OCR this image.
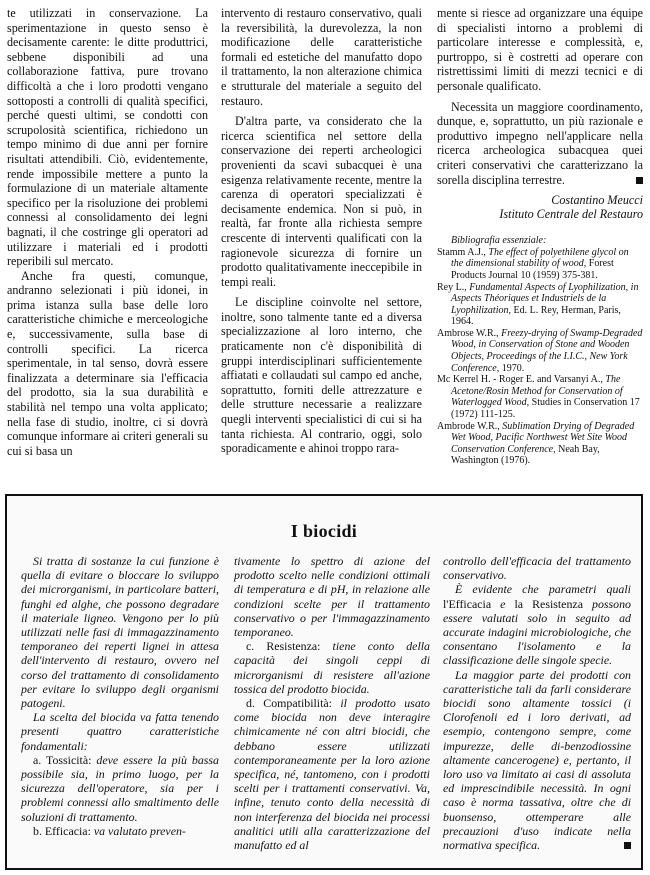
te utilizzati in conservazione. La sperimentazione in questo senso è decisamente carente: le ditte produttrici, sebbene disponibili ad una collaborazione fattiva, pure trovano difficoltà a che i loro prodotti vengano sottoposti a controlli di qualità specifici, perché questi ultimi, se condotti con scrupolosità scientifica, richiedono un tempo minimo di due anni per fornire risultati attendibili. Ciò, evidentemente, rende impossibile mettere a punto la formulazione di un materiale altamente specifico per la risoluzione dei problemi connessi al consolidamento dei legni bagnati, il che costringe gli operatori ad utilizzare i materiali ed i prodotti reperibili sul mercato.

Anche fra questi, comunque, andranno selezionati i più idonei, in prima istanza sulla base delle loro caratteristiche chimiche e merceologiche e, successivamente, sulla base di controlli specifici. La ricerca sperimentale, in tal senso, dovrà essere finalizzata a determinare sia l'efficacia del prodotto, sia la sua durabilità e stabilità nel tempo una volta applicato; nella fase di studio, inoltre, ci si dovrà comunque informare ai criteri generali su cui si basa un

intervento di restauro conservativo, quali la reversibilità, la durevolezza, la non modificazione delle caratteristiche formali ed estetiche del manufatto dopo il trattamento, la non alterazione chimica e strutturale del materiale a seguito del restauro.

D'altra parte, va considerato che la ricerca scientifica nel settore della conservazione dei reperti archeologici provenienti da scavi subacquei è una esigenza relativamente recente, mentre la carenza di operatori specializzati è decisamente endemica. Non si può, in realtà, far fronte alla richiesta sempre crescente di interventi qualificati con la ragionevole sicurezza di fornire un prodotto qualitativamente ineccepibile in tempi reali.

Le discipline coinvolte nel settore, inoltre, sono talmente tante ed a diversa specializzazione al loro interno, che praticamente non c'è disponibilità di gruppi interdisciplinari sufficientemente affiatati e collaudati sul campo ed anche, soprattutto, forniti delle attrezzature e delle strutture necessarie a realizzare quegli interventi specialistici di cui si ha tanta richiesta. Al contrario, oggi, solo sporadicamente e ahinoi troppo rara-

mente si riesce ad organizzare una équipe di specialisti intorno a problemi di particolare interesse e complessità, e, purtroppo, si è costretti ad operare con ristrettissimi limiti di mezzi tecnici e di personale qualificato.

Necessita un maggiore coordinamento, dunque, e, soprattutto, un più razionale e produttivo impegno nell'applicare nella ricerca archeologica subacquea quei criteri conservativi che caratterizzano la sorella disciplina terrestre.

Costantino Meucci
Istituto Centrale del Restauro
Bibliografia essenziale:
Stamm A.J., The effect of polyethilene glycol on the dimensional stability of wood, Forest Products Journal 10 (1959) 375-381.
Rey L., Fundamental Aspects of Lyophilization, in Aspects Théoriques et Industriels de la Lyophilization, Ed. L. Rey, Herman, Paris, 1964.
Ambrose W.R., Freezy-drying of Swamp-Degraded Wood, in Conservation of Stone and Wooden Objects, Proceedings of the I.I.C., New York Conference, 1970.
Mc Kerrel H. - Roger E. and Varsanyi A., The Acetone/Rosin Method for Conservation of Waterlogged Wood, Studies in Conservation 17 (1972) 111-125.
Ambrode W.R., Sublimation Drying of Degraded Wet Wood, Pacific Northwest Wet Site Wood Conservation Conference, Neah Bay, Washington (1976).
I biocidi

Si tratta di sostanze la cui funzione è quella di evitare o bloccare lo sviluppo dei microrganismi, in particolare batteri, funghi ed alghe, che possono degradare il materiale ligneo. Vengono per lo più utilizzati nelle fasi di immagazzinamento temporaneo dei reperti lignei in attesa dell'intervento di restauro, ovvero nel corso del trattamento di consolidamento per evitare lo sviluppo degli organismi patogeni.

La scelta del biocida va fatta tenendo presenti quattro caratteristiche fondamentali:

a. Tossicità: deve essere la più bassa possibile sia, in primo luogo, per la sicurezza dell'operatore, sia per i problemi connessi allo smaltimento delle soluzioni di trattamento.

b. Efficacia: va valutato preven-

tivamente lo spettro di azione del prodotto scelto nelle condizioni ottimali di temperatura e di pH, in relazione alle condizioni scelte per il trattamento conservativo o per l'immagazzinamento temporaneo.

c. Resistenza: tiene conto della capacità dei singoli ceppi di microrganismi di resistere all'azione tossica del prodotto biocida.

d. Compatibilità: il prodotto usato come biocida non deve interagire chimicamente né con altri biocidi, che debbano essere utilizzati contemporaneamente per la loro azione specifica, né, tantomeno, con i prodotti scelti per i trattamenti conservativi. Va, infine, tenuto conto della necessità di non interferenza del biocida nei processi analitici utili alla caratterizzazione del manufatto ed al

controllo dell'efficacia del trattamento conservativo.

È evidente che parametri quali l'Efficacia e la Resistenza possono essere valutati solo in seguito ad accurate indagini microbiologiche, che consentano l'isolamento e la classificazione delle singole specie.

La maggior parte dei prodotti con caratteristiche tali da farli considerare biocidi sono altamente tossici (i Clorofenoli ed i loro derivati, ad esempio, contengono sempre, come impurezze, delle di-benzodiossine altamente cancerogene) e, pertanto, il loro uso va limitato ai casi di assoluta ed imprescindibile necessità. In ogni caso è norma tassativa, oltre che di buonsenso, ottemperare alle precauzioni d'uso indicate nella normativa specifica.
